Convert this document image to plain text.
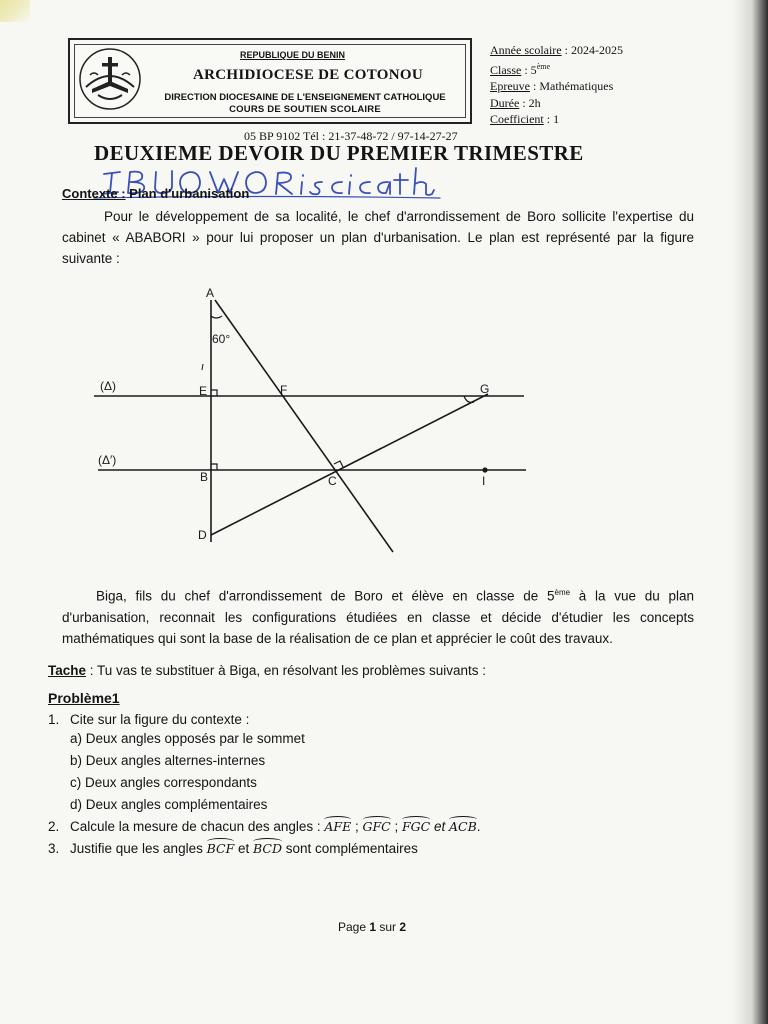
REPUBLIQUE DU BENIN
ARCHIDIOCESE DE COTONOU
DIRECTION DIOCESAINE DE L'ENSEIGNEMENT CATHOLIQUE
COURS DE SOUTIEN SCOLAIRE
Année scolaire : 2024-2025
Classe : 5ème
Epreuve : Mathématiques
Durée : 2h
Coefficient : 1
05 BP 9102 Tél : 21-37-48-72 / 97-14-27-27
DEUXIEME DEVOIR DU PREMIER TRIMESTRE
Contexte : Plan d'urbanisation
Pour le développement de sa localité, le chef d'arrondissement de Boro sollicite l'expertise du cabinet « ABABORI » pour lui proposer un plan d'urbanisation. Le plan est représenté par la figure suivante :
A
E	F	G
B	C	I
D
(Δ)
(Δ′)
60°
Biga, fils du chef d'arrondissement de Boro et élève en classe de 5ème à la vue du plan d'urbanisation, reconnait les configurations étudiées en classe et décide d'étudier les concepts mathématiques qui sont la base de la réalisation de ce plan et apprécier le coût des travaux.
Tache : Tu vas te substituer à Biga, en résolvant les problèmes suivants :
Problème1
1. Cite sur la figure du contexte :
a) Deux angles opposés par le sommet
b) Deux angles alternes-internes
c) Deux angles correspondants
d) Deux angles complémentaires
2. Calcule la mesure de chacun des angles : AFE ; GFC ; FGC et ACB.
3. Justifie que les angles BCF et BCD sont complémentaires
Page 1 sur 2
